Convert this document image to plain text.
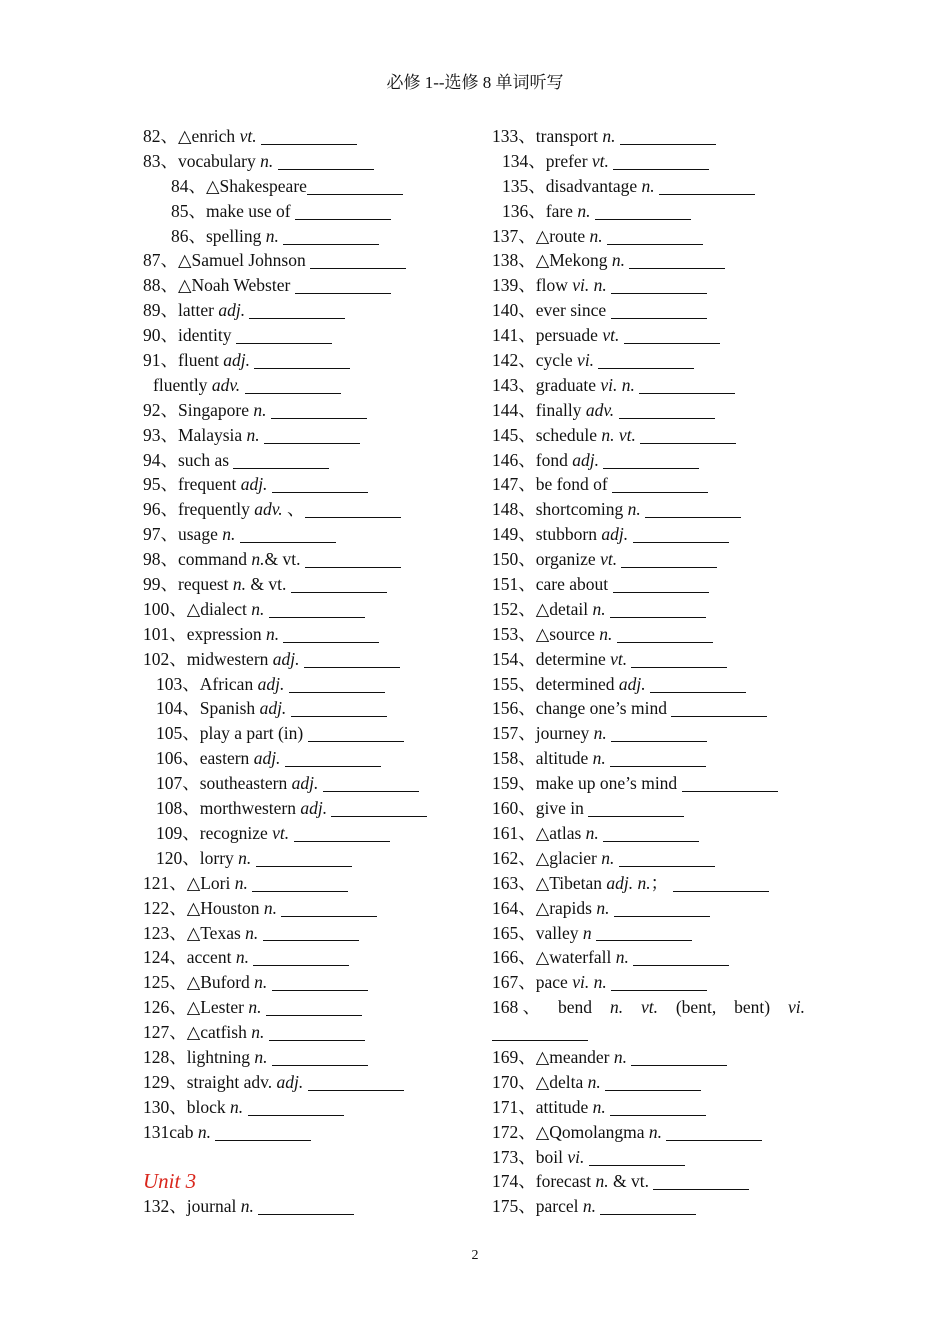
必修 1--选修 8 单词听写
82、△enrich vt.
83、vocabulary n.
84、△Shakespeare
85、make use of
86、spelling n.
87、△Samuel Johnson
88、△Noah Webster
89、latter adj.
90、identity
91、fluent adj.
fluently adv.
92、Singapore n.
93、Malaysia n.
94、such as
95、frequent adj.
96、frequently adv. 、
97、usage n.
98、command n.& vt.
99、request n. & vt.
100、△dialect n.
101、expression n.
102、midwestern adj.
103、African adj.
104、Spanish adj.
105、play a part (in)
106、eastern adj.
107、southeastern adj.
108、morthwestern adj.
109、recognize vt.
120、lorry n.
121、△Lori n.
122、△Houston n.
123、△Texas n.
124、accent n.
125、△Buford n.
126、△Lester n.
127、△catfish n.
128、lightning n.
129、straight adv. adj.
130、block n.
131cab n.
Unit 3
132、journal n.
133、transport n.
134、prefer vt.
135、disadvantage n.
136、fare n.
137、△route n.
138、△Mekong n.
139、flow vi. n.
140、ever since
141、persuade vt.
142、cycle vi.
143、graduate vi. n.
144、finally adv.
145、schedule n. vt.
146、fond adj.
147、be fond of
148、shortcoming n.
149、stubborn adj.
150、organize vt.
151、care about
152、△detail n.
153、△source n.
154、determine vt.
155、determined adj.
156、change one’s mind
157、journey n.
158、altitude n.
159、make up one’s mind
160、give in
161、△atlas n.
162、△glacier n.
163、△Tibetan adj. n.；
164、△rapids n.
165、valley n
166、△waterfall n.
167、pace vi. n.
168 、 bend n. vt. (bent, bent) vi.
169、△meander n.
170、△delta n.
171、attitude n.
172、△Qomolangma n.
173、boil vi.
174、forecast n. & vt.
175、parcel n.
2
